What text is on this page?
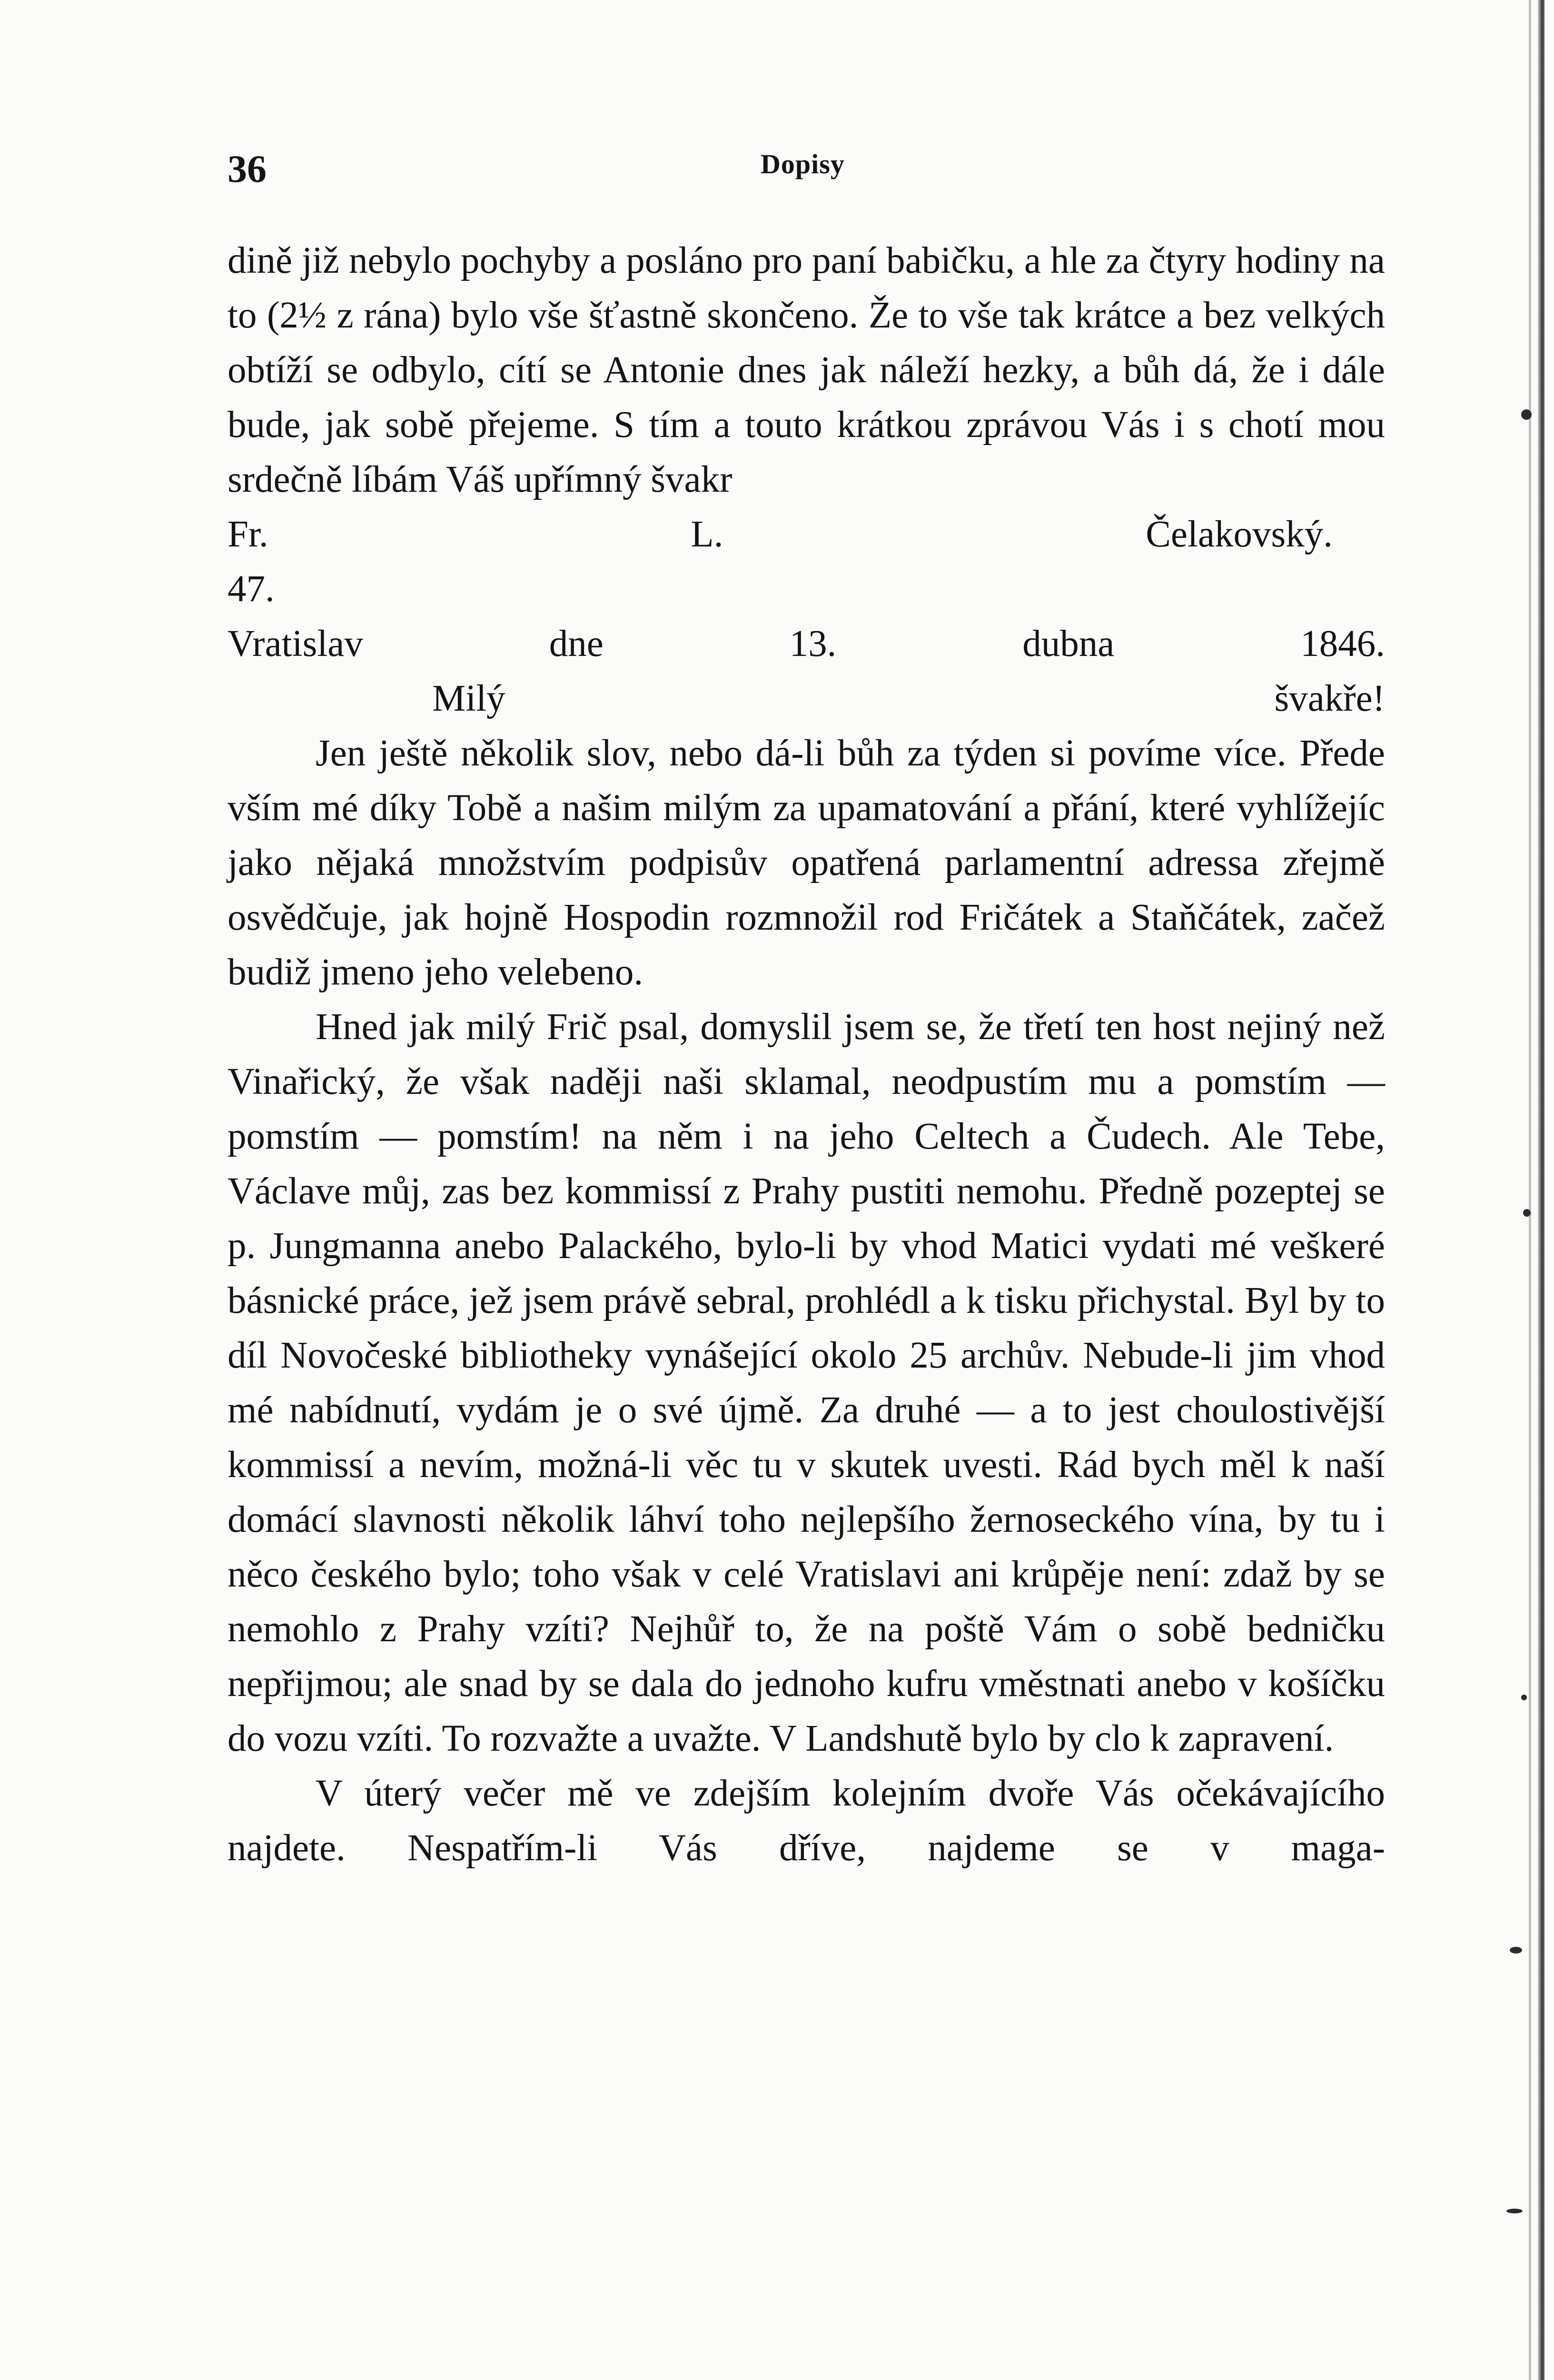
36	Dopisy

dině již nebylo pochyby a posláno pro paní babičku, a hle za čtyry hodiny na to (2½ z rána) bylo vše šťastně skončeno. Že to vše tak krátce a bez velkých obtíží se odbylo, cítí se Antonie dnes jak náleží hezky, a bůh dá, že i dále bude, jak sobě přejeme. S tím a touto krátkou zprávou Vás i s chotí mou srdečně líbám Váš upřímný švakr

Fr. L. Čelakovský.

47.

Vratislav dne 13. dubna 1846.

Milý švakře!

Jen ještě několik slov, nebo dá-li bůh za týden si povíme více. Přede vším mé díky Tobě a našim milým za upamatování a přání, které vyhlížejíc jako nějaká množstvím podpisův opatřená parlamentní adressa zřejmě osvědčuje, jak hojně Hospodin rozmnožil rod Fričátek a Staňčátek, začež budiž jmeno jeho velebeno.

Hned jak milý Frič psal, domyslil jsem se, že třetí ten host nejiný než Vinařický, že však naději naši sklamal, neodpustím mu a pomstím — pomstím — pomstím! na něm i na jeho Celtech a Čudech. Ale Tebe, Václave můj, zas bez kommissí z Prahy pustiti nemohu. Předně pozeptej se p. Jungmanna anebo Palackého, bylo-li by vhod Matici vydati mé veškeré básnické práce, jež jsem právě sebral, prohlédl a k tisku přichystal. Byl by to díl Novočeské bibliotheky vynášející okolo 25 archův. Nebude-li jim vhod mé nabídnutí, vydám je o své újmě. Za druhé — a to jest choulostivější kommissí a nevím, možná-li věc tu v skutek uvesti. Rád bych měl k naší domácí slavnosti několik láhví toho nejlepšího žernoseckého vína, by tu i něco českého bylo; toho však v celé Vratislavi ani krůpěje není: zdaž by se nemohlo z Prahy vzíti? Nejhůř to, že na poště Vám o sobě bedničku nepřijmou; ale snad by se dala do jednoho kufru vměstnati anebo v košíčku do vozu vzíti. To rozvažte a uvažte. V Landshutě bylo by clo k zapravení.

V úterý večer mě ve zdejším kolejním dvoře Vás očekávajícího najdete. Nespatřím-li Vás dříve, najdeme se v maga-

​
